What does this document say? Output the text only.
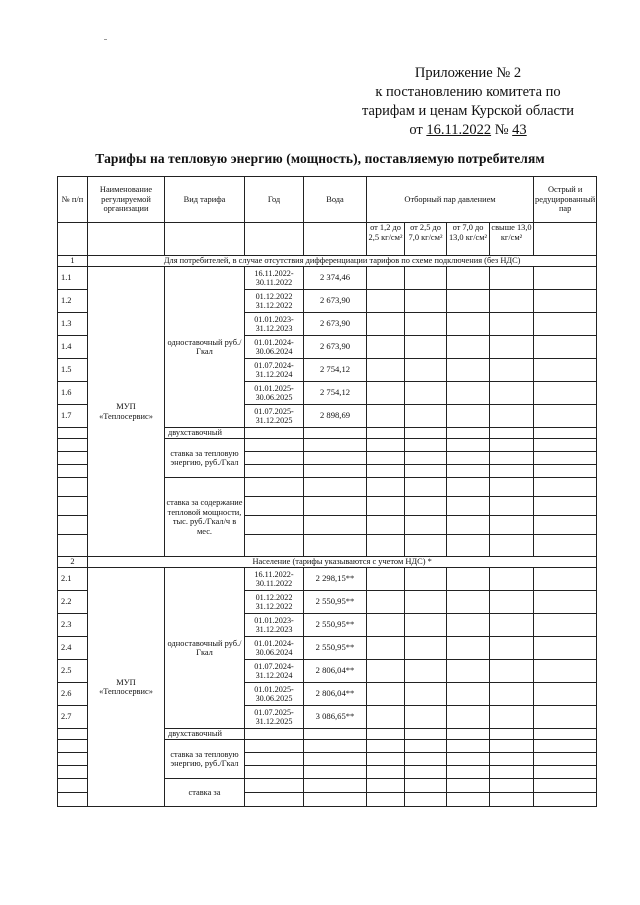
Приложение № 2
к постановлению комитета по
тарифам и ценам Курской области
от 16.11.2022 № 43
Тарифы на тепловую энергию (мощность), поставляемую потребителям
№ п/п	Наименование регулируемой организации	Вид тарифа	Год	Вода	Отборный пар давлением				Острый и редуцированный пар
					от 1,2 до 2,5 кг/см²	от 2,5 до 7,0 кг/см²	от 7,0 до 13,0 кг/см²	свыше 13,0 кг/см²	
1	Для потребителей, в случае отсутствия дифференциации тарифов по схеме подключения (без НДС)								
1.1	МУП «Теплосервис»	одноставочный руб./Гкал	16.11.2022-30.11.2022	2 374,46					
1.2			01.12.2022 31.12.2022	2 673,90					
1.3			01.01.2023-31.12.2023	2 673,90					
1.4			01.01.2024-30.06.2024	2 673,90					
1.5			01.07.2024-31.12.2024	2 754,12					
1.6			01.01.2025-30.06.2025	2 754,12					
1.7			01.07.2025-31.12.2025	2 898,69					
		двухставочный							
		ставка за тепловую энергию, руб./Гкал							

		ставка за содержание тепловой мощности, тыс. руб./Гкал/ч в мес.							

2	Население (тарифы указываются с учетом НДС) *								
2.1	МУП «Теплосервис»	одноставочный руб./Гкал	16.11.2022-30.11.2022	2 298,15**					
2.2			01.12.2022 31.12.2022	2 550,95**					
2.3			01.01.2023-31.12.2023	2 550,95**					
2.4			01.01.2024-30.06.2024	2 550,95**					
2.5			01.07.2024-31.12.2024	2 806,04**					
2.6			01.01.2025-30.06.2025	2 806,04**					
2.7			01.07.2025-31.12.2025	3 086,65**					
		двухставочный							
		ставка за тепловую энергию, руб./Гкал							

		ставка за							
